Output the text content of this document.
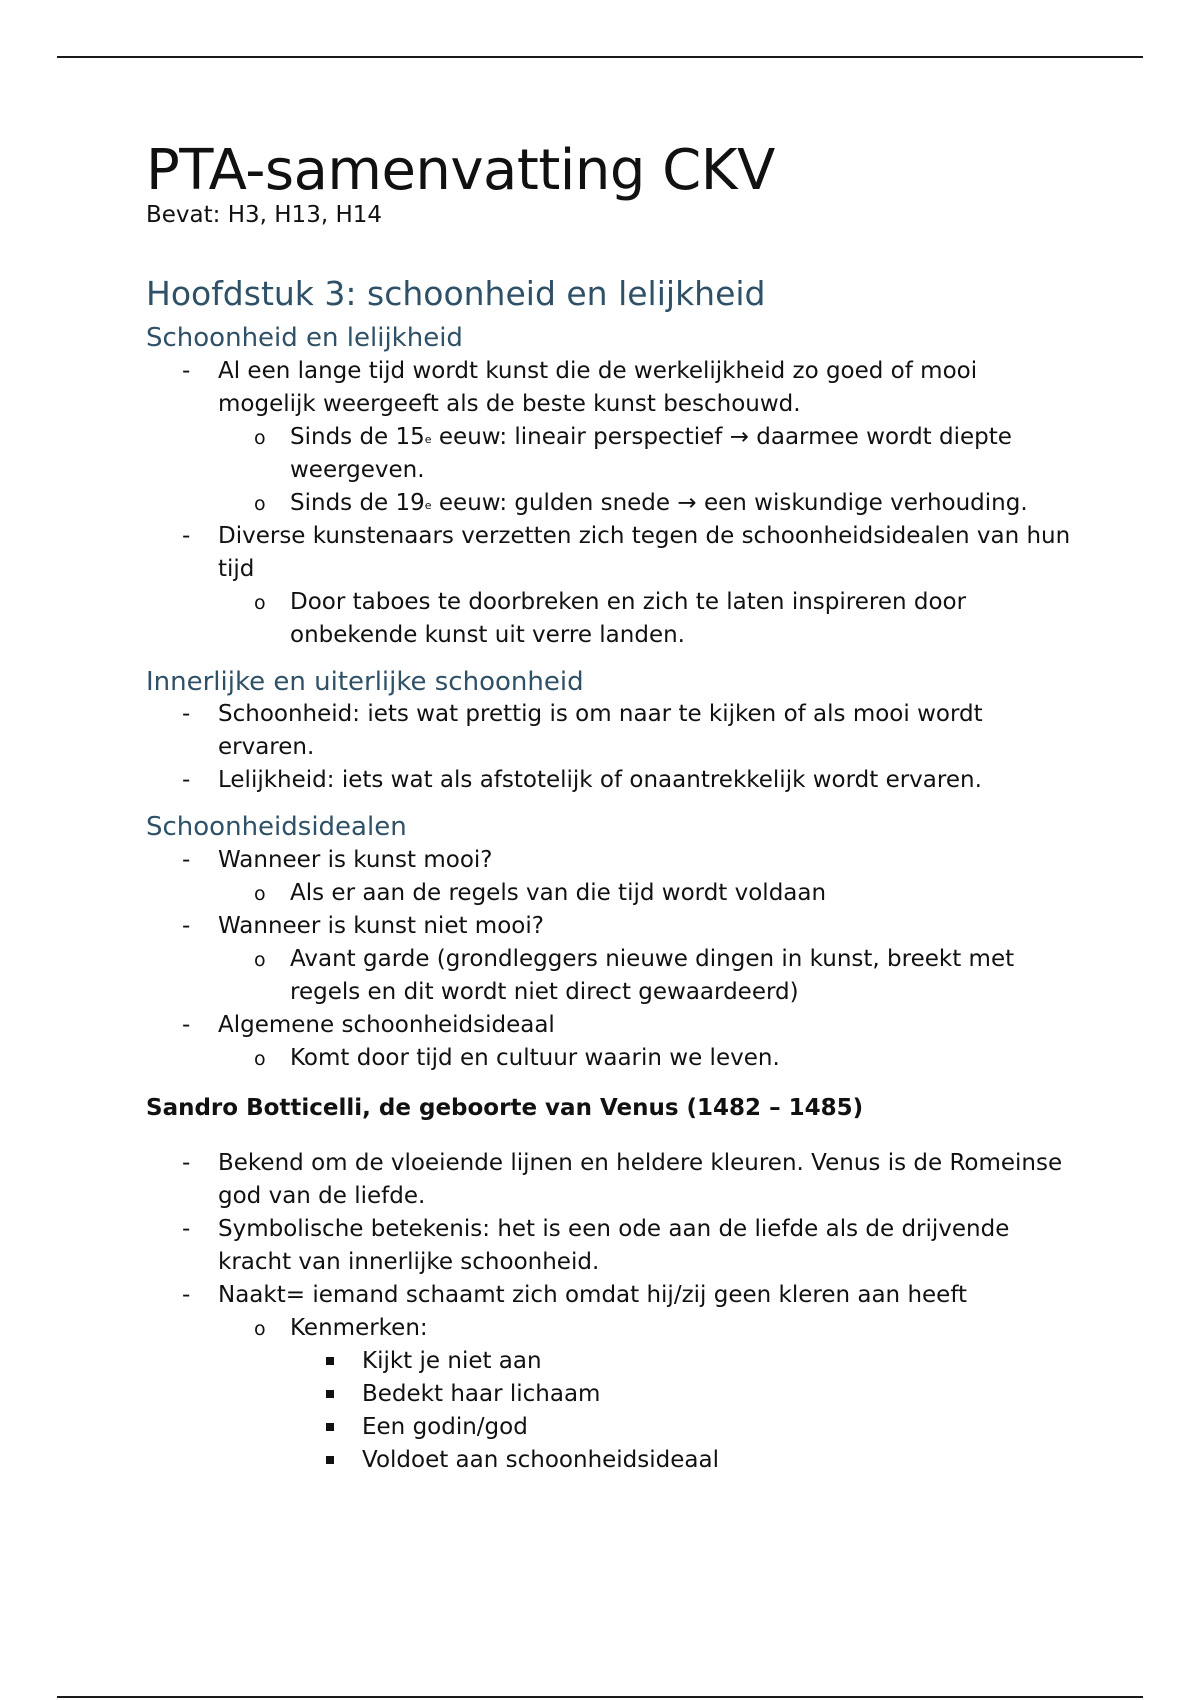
PTA-samenvatting CKV
Bevat: H3, H13, H14
Hoofdstuk 3: schoonheid en lelijkheid
Schoonheid en lelijkheid
- Al een lange tijd wordt kunst die de werkelijkheid zo goed of mooi mogelijk weergeeft als de beste kunst beschouwd.
o Sinds de 15e eeuw: lineair perspectief → daarmee wordt diepte weergeven.
o Sinds de 19e eeuw: gulden snede → een wiskundige verhouding.
- Diverse kunstenaars verzetten zich tegen de schoonheidsidealen van hun tijd
o Door taboes te doorbreken en zich te laten inspireren door onbekende kunst uit verre landen.
Innerlijke en uiterlijke schoonheid
- Schoonheid: iets wat prettig is om naar te kijken of als mooi wordt ervaren.
- Lelijkheid: iets wat als afstotelijk of onaantrekkelijk wordt ervaren.
Schoonheidsidealen
- Wanneer is kunst mooi?
o Als er aan de regels van die tijd wordt voldaan
- Wanneer is kunst niet mooi?
o Avant garde (grondleggers nieuwe dingen in kunst, breekt met regels en dit wordt niet direct gewaardeerd)
- Algemene schoonheidsideaal
o Komt door tijd en cultuur waarin we leven.
Sandro Botticelli, de geboorte van Venus (1482 – 1485)
- Bekend om de vloeiende lijnen en heldere kleuren. Venus is de Romeinse god van de liefde.
- Symbolische betekenis: het is een ode aan de liefde als de drijvende kracht van innerlijke schoonheid.
- Naakt= iemand schaamt zich omdat hij/zij geen kleren aan heeft
o Kenmerken:
Kijkt je niet aan
Bedekt haar lichaam
Een godin/god
Voldoet aan schoonheidsideaal
